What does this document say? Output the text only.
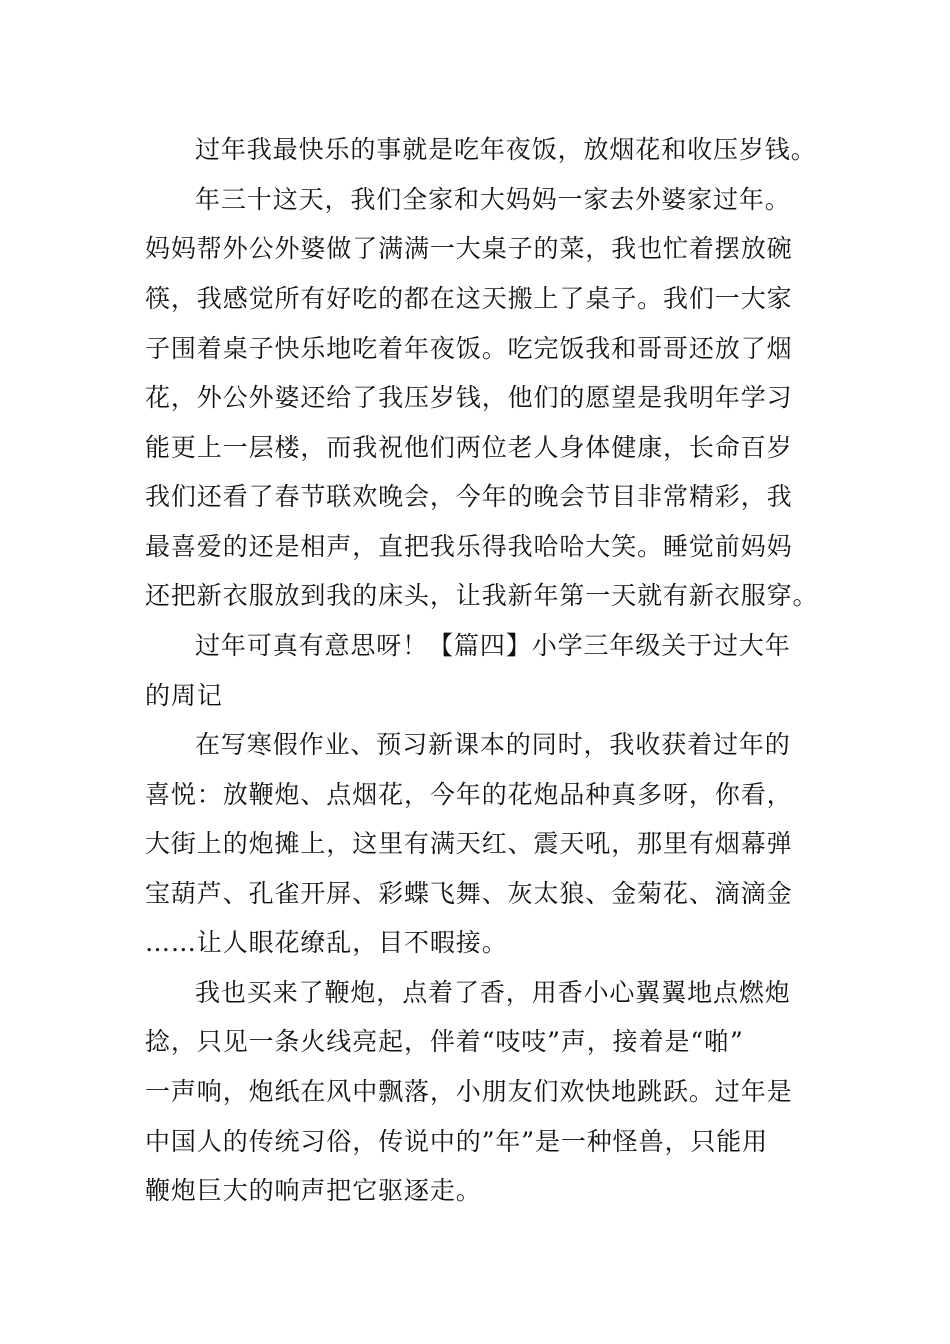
过年我最快乐的事就是吃年夜饭，放烟花和收压岁钱。
年三十这天，我们全家和大妈妈一家去外婆家过年。
妈妈帮外公外婆做了满满一大桌子的菜，我也忙着摆放碗
筷，我感觉所有好吃的都在这天搬上了桌子。我们一大家
子围着桌子快乐地吃着年夜饭。吃完饭我和哥哥还放了烟
花，外公外婆还给了我压岁钱，他们的愿望是我明年学习
能更上一层楼，而我祝他们两位老人身体健康，长命百岁
我们还看了春节联欢晚会，今年的晚会节目非常精彩，我
最喜爱的还是相声，直把我乐得我哈哈大笑。睡觉前妈妈
还把新衣服放到我的床头，让我新年第一天就有新衣服穿。
过年可真有意思呀！【篇四】小学三年级关于过大年
的周记
在写寒假作业、预习新课本的同时，我收获着过年的
喜悦：放鞭炮、点烟花，今年的花炮品种真多呀，你看，
大街上的炮摊上，这里有满天红、震天吼，那里有烟幕弹
宝葫芦、孔雀开屏、彩蝶飞舞、灰太狼、金菊花、滴滴金
……让人眼花缭乱，目不暇接。
我也买来了鞭炮，点着了香，用香小心翼翼地点燃炮
捻，只见一条火线亮起，伴着“吱吱”声，接着是“啪”
一声响，炮纸在风中飘落，小朋友们欢快地跳跃。过年是
中国人的传统习俗，传说中的”年”是一种怪兽，只能用
鞭炮巨大的响声把它驱逐走。
